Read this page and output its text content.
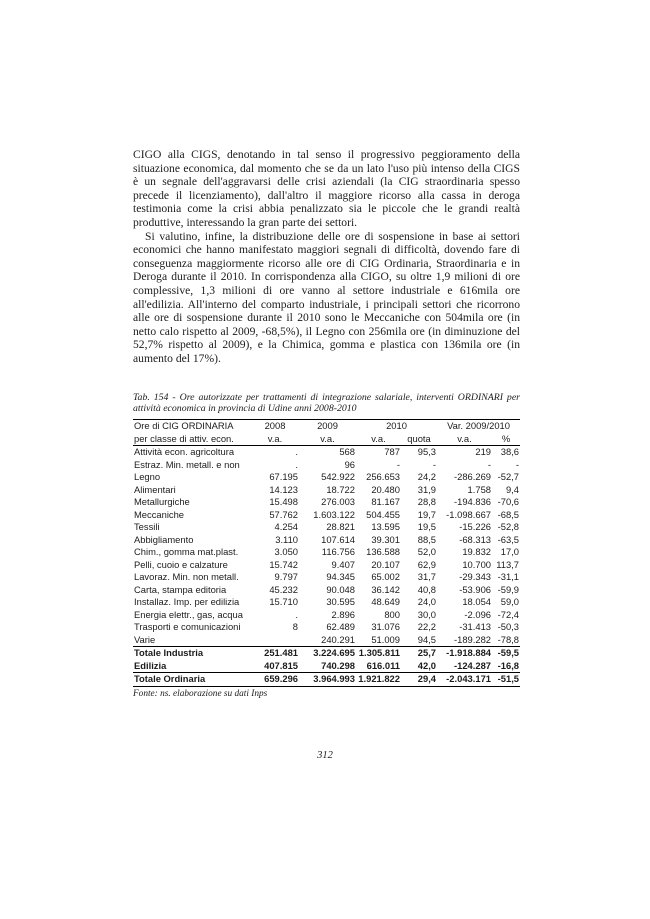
CIGO alla CIGS, denotando in tal senso il progressivo peggioramento della situazione economica, dal momento che se da un lato l'uso più intenso della CIGS è un segnale dell'aggravarsi delle crisi aziendali (la CIG straordinaria spesso precede il licenziamento), dall'altro il maggiore ricorso alla cassa in deroga testimonia come la crisi abbia penalizzato sia le piccole che le grandi realtà produttive, interessando la gran parte dei settori.

Si valutino, infine, la distribuzione delle ore di sospensione in base ai settori economici che hanno manifestato maggiori segnali di difficoltà, dovendo fare di conseguenza maggiormente ricorso alle ore di CIG Ordinaria, Straordinaria e in Deroga durante il 2010. In corrispondenza alla CIGO, su oltre 1,9 milioni di ore complessive, 1,3 milioni di ore vanno al settore industriale e 616mila ore all'edilizia. All'interno del comparto industriale, i principali settori che ricorrono alle ore di sospensione durante il 2010 sono le Meccaniche con 504mila ore (in netto calo rispetto al 2009, -68,5%), il Legno con 256mila ore (in diminuzione del 52,7% rispetto al 2009), e la Chimica, gomma e plastica con 136mila ore (in aumento del 17%).

Tab. 154 - Ore autorizzate per trattamenti di integrazione salariale, interventi ORDINARI per attività economica in provincia di Udine anni 2008-2010

Ore di CIG ORDINARIA	2008	2009	2010		Var. 2009/2010	
per classe di attiv. econ.	v.a.	v.a.	v.a.	quota	v.a.	%
Attività econ. agricoltura	.	568	787	95,3	219	38,6
Estraz. Min. metall. e non	.	96	-	-	-	-
Legno	67.195	542.922	256.653	24,2	-286.269	-52,7
Alimentari	14.123	18.722	20.480	31,9	1.758	9,4
Metallurgiche	15.498	276.003	81.167	28,8	-194.836	-70,6
Meccaniche	57.762	1.603.122	504.455	19,7	-1.098.667	-68,5
Tessili	4.254	28.821	13.595	19,5	-15.226	-52,8
Abbigliamento	3.110	107.614	39.301	88,5	-68.313	-63,5
Chim., gomma mat.plast.	3.050	116.756	136.588	52,0	19.832	17,0
Pelli, cuoio e calzature	15.742	9.407	20.107	62,9	10.700	113,7
Lavoraz. Min. non metall.	9.797	94.345	65.002	31,7	-29.343	-31,1
Carta, stampa editoria	45.232	90.048	36.142	40,8	-53.906	-59,9
Installaz. Imp. per edilizia	15.710	30.595	48.649	24,0	18.054	59,0
Energia elettr., gas, acqua	.	2.896	800	30,0	-2.096	-72,4
Trasporti e comunicazioni	8	62.489	31.076	22,2	-31.413	-50,3
Varie		240.291	51.009	94,5	-189.282	-78,8
Totale Industria	251.481	3.224.695	1.305.811	25,7	-1.918.884	-59,5
Edilizia	407.815	740.298	616.011	42,0	-124.287	-16,8
Totale Ordinaria	659.296	3.964.993	1.921.822	29,4	-2.043.171	-51,5

Fonte: ns. elaborazione su dati Inps

312
